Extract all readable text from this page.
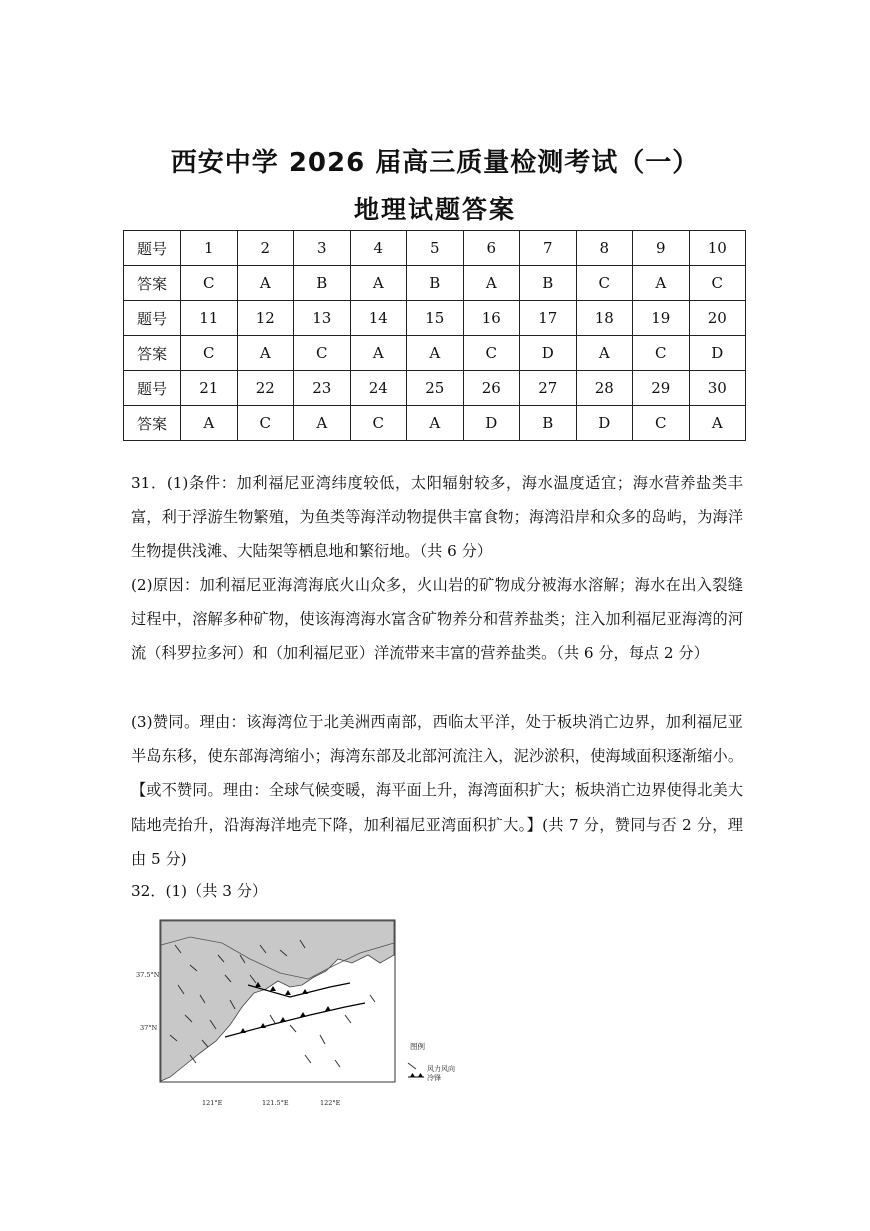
西安中学 2026 届高三质量检测考试（一）
地理试题答案
题号	1	2	3	4	5	6	7	8	9	10
答案	C	A	B	A	B	A	B	C	A	C
题号	11	12	13	14	15	16	17	18	19	20
答案	C	A	C	A	A	C	D	A	C	D
题号	21	22	23	24	25	26	27	28	29	30
答案	A	C	A	C	A	D	B	D	C	A
31．(1)条件：加利福尼亚湾纬度较低，太阳辐射较多，海水温度适宜；海水营养盐类丰富，利于浮游生物繁殖，为鱼类等海洋动物提供丰富食物；海湾沿岸和众多的岛屿，为海洋生物提供浅滩、大陆架等栖息地和繁衍地。（共 6 分）
(2)原因：加利福尼亚海湾海底火山众多，火山岩的矿物成分被海水溶解；海水在出入裂缝过程中，溶解多种矿物，使该海湾海水富含矿物养分和营养盐类；注入加利福尼亚海湾的河流（科罗拉多河）和（加利福尼亚）洋流带来丰富的营养盐类。（共 6 分，每点 2 分）
(3)赞同。理由：该海湾位于北美洲西南部，西临太平洋，处于板块消亡边界，加利福尼亚半岛东移，使东部海湾缩小；海湾东部及北部河流注入，泥沙淤积，使海域面积逐渐缩小。【或不赞同。理由：全球气候变暖，海平面上升，海湾面积扩大；板块消亡边界使得北美大陆地壳抬升，沿海海洋地壳下降，加利福尼亚湾面积扩大。】(共 7 分，赞同与否 2 分，理由 5 分)
32．(1)（共 3 分）
37.5°N
37°N
121°E	121.5°E	122°E
图例
风力风向
冷锋
